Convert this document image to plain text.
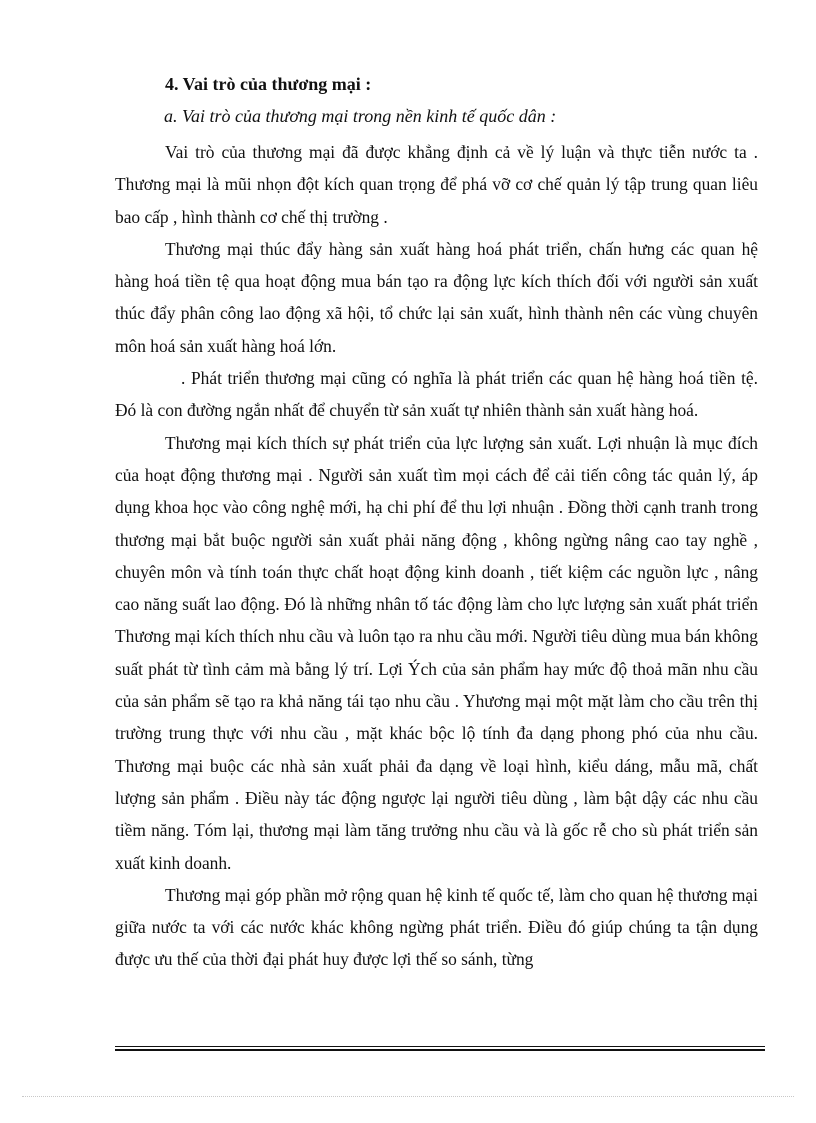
4. Vai trò của thương mại :
a. Vai trò của thương mại trong nền kinh tế quốc dân :

Vai trò của thương mại đã được khẳng định cả về lý luận và thực tiễn nước ta . Thương mại là mũi nhọn đột kích quan trọng để phá vỡ cơ chế quản lý tập trung quan liêu bao cấp , hình thành cơ chế thị trường .

Thương mại thúc đẩy hàng sản xuất hàng hoá phát triển, chấn hưng các quan hệ hàng hoá tiền tệ qua hoạt động mua bán tạo ra động lực kích thích đối với người sản xuất thúc đẩy phân công lao động xã hội, tổ chức lại sản xuất, hình thành nên các vùng chuyên môn hoá sản xuất hàng hoá lớn.

. Phát triển thương mại cũng có nghĩa là phát triển các quan hệ hàng hoá tiền tệ. Đó là con đường ngắn nhất để chuyển từ sản xuất tự nhiên thành sản xuất hàng hoá.

Thương mại kích thích sự phát triển của lực lượng sản xuất. Lợi nhuận là mục đích của hoạt động thương mại . Người sản xuất tìm mọi cách để cải tiến công tác quản lý, áp dụng khoa học vào công nghệ mới, hạ chi phí để thu lợi nhuận . Đồng thời cạnh tranh trong thương mại bắt buộc người sản xuất phải năng động , không ngừng nâng cao tay nghề , chuyên môn và tính toán thực chất hoạt động kinh doanh , tiết kiệm các nguồn lực , nâng cao năng suất lao động. Đó là những nhân tố tác động làm cho lực lượng sản xuất phát triển Thương mại kích thích nhu cầu và luôn tạo ra nhu cầu mới. Người tiêu dùng mua bán không suất phát từ tình cảm mà bằng lý trí. Lợi Ých của sản phẩm hay mức độ thoả mãn nhu cầu của sản phẩm sẽ tạo ra khả năng tái tạo nhu cầu . Yhương mại một mặt làm cho cầu trên thị trường trung thực với nhu cầu , mặt khác bộc lộ tính đa dạng phong phó của nhu cầu. Thương mại buộc các nhà sản xuất phải đa dạng về loại hình, kiểu dáng, mẫu mã, chất lượng sản phẩm . Điều này tác động ngược lại người tiêu dùng , làm bật dậy các nhu cầu tiềm năng. Tóm lại, thương mại làm tăng trưởng nhu cầu và là gốc rễ cho sù phát triển sản xuất kinh doanh.

Thương mại góp phần mở rộng quan hệ kinh tế quốc tế, làm cho quan hệ thương mại giữa nước ta với các nước khác không ngừng phát triển. Điều đó giúp chúng ta tận dụng được ưu thế của thời đại phát huy được lợi thế so sánh, từng
